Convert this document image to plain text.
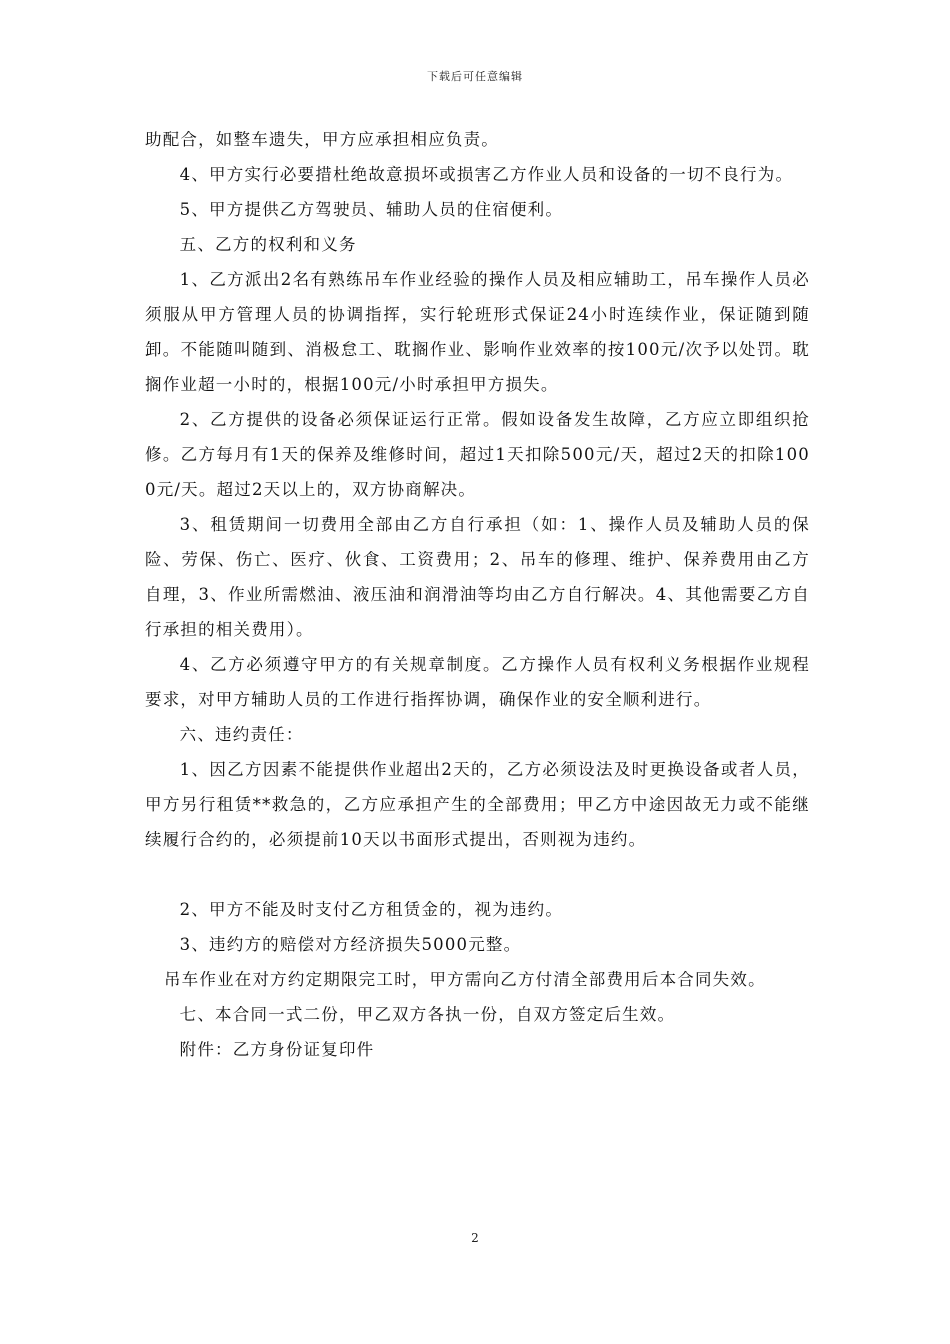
下载后可任意编辑

助配合，如整车遗失，甲方应承担相应负责。

4、甲方实行必要措杜绝故意损坏或损害乙方作业人员和设备的一切不良行为。

5、甲方提供乙方驾驶员、辅助人员的住宿便利。

五、乙方的权利和义务

1、乙方派出2名有熟练吊车作业经验的操作人员及相应辅助工，吊车操作人员必须服从甲方管理人员的协调指挥，实行轮班形式保证24小时连续作业，保证随到随卸。不能随叫随到、消极怠工、耽搁作业、影响作业效率的按100元/次予以处罚。耽搁作业超一小时的，根据100元/小时承担甲方损失。

2、乙方提供的设备必须保证运行正常。假如设备发生故障，乙方应立即组织抢修。乙方每月有1天的保养及维修时间，超过1天扣除500元/天，超过2天的扣除1000元/天。超过2天以上的，双方协商解决。

3、租赁期间一切费用全部由乙方自行承担（如：1、操作人员及辅助人员的保险、劳保、伤亡、医疗、伙食、工资费用；2、吊车的修理、维护、保养费用由乙方自理，3、作业所需燃油、液压油和润滑油等均由乙方自行解决。4、其他需要乙方自行承担的相关费用）。

4、乙方必须遵守甲方的有关规章制度。乙方操作人员有权利义务根据作业规程要求，对甲方辅助人员的工作进行指挥协调，确保作业的安全顺利进行。

六、违约责任：

1、因乙方因素不能提供作业超出2天的，乙方必须设法及时更换设备或者人员，甲方另行租赁**救急的，乙方应承担产生的全部费用；甲乙方中途因故无力或不能继续履行合约的，必须提前10天以书面形式提出，否则视为违约。

2、甲方不能及时支付乙方租赁金的，视为违约。

3、违约方的赔偿对方经济损失5000元整。

吊车作业在对方约定期限完工时，甲方需向乙方付清全部费用后本合同失效。

七、本合同一式二份，甲乙双方各执一份，自双方签定后生效。

附件：乙方身份证复印件

2
